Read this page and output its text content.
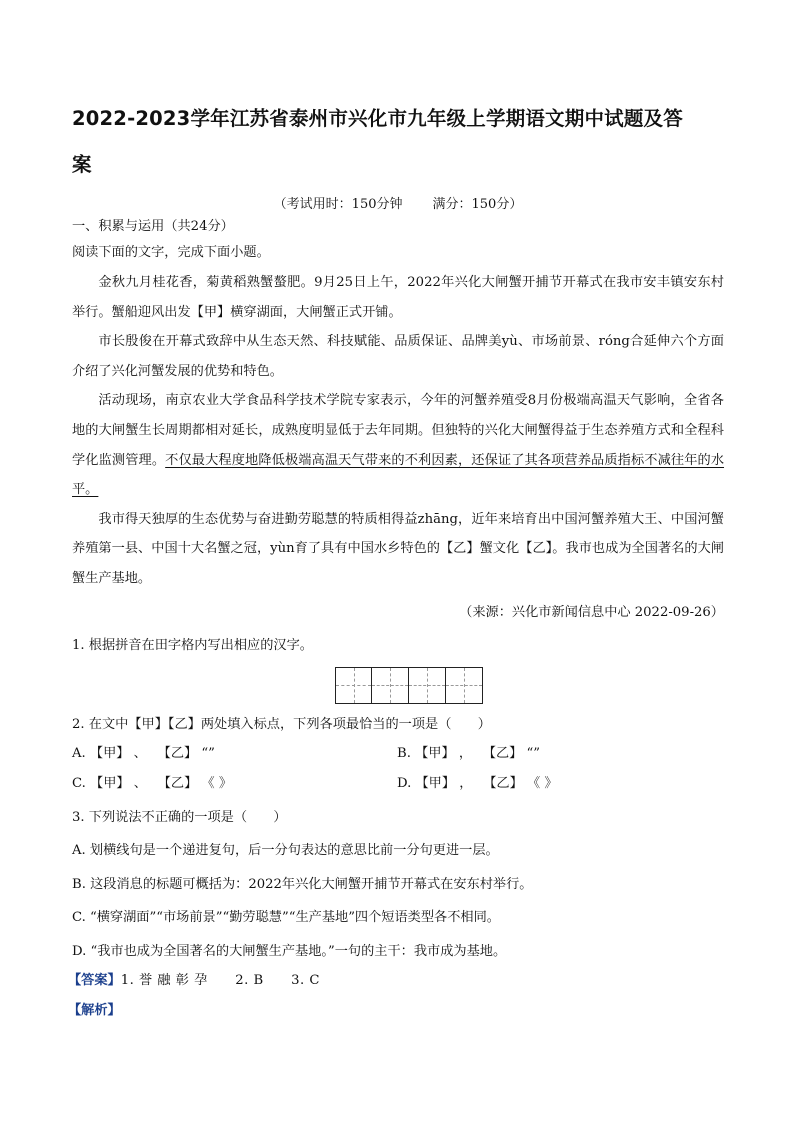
2022-2023学年江苏省泰州市兴化市九年级上学期语文期中试题及答
案
（考试用时：150分钟 满分：150分）
一、积累与运用（共24分）
阅读下面的文字，完成下面小题。

金秋九月桂花香，菊黄稻熟蟹螯肥。9月25日上午，2022年兴化大闸蟹开捕节开幕式在我市安丰镇安东村举行。蟹船迎风出发【甲】横穿湖面，大闸蟹正式开铺。

市长殷俊在开幕式致辞中从生态天然、科技赋能、品质保证、品牌美yù、市场前景、róng合延伸六个方面介绍了兴化河蟹发展的优势和特色。

活动现场，南京农业大学食品科学技术学院专家表示，今年的河蟹养殖受8月份极端高温天气影响，全省各地的大闸蟹生长周期都相对延长，成熟度明显低于去年同期。但独特的兴化大闸蟹得益于生态养殖方式和全程科学化监测管理。不仅最大程度地降低极端高温天气带来的不利因素，还保证了其各项营养品质指标不减往年的水平。

我市得天独厚的生态优势与奋进勤劳聪慧的特质相得益zhāng，近年来培育出中国河蟹养殖大王、中国河蟹养殖第一县、中国十大名蟹之冠，yùn育了具有中国水乡特色的【乙】蟹文化【乙】。我市也成为全国著名的大闸蟹生产基地。

（来源：兴化市新闻信息中心 2022-09-26）
1. 根据拼音在田字格内写出相应的汉字。
2. 在文中【甲】【乙】两处填入标点，下列各项最恰当的一项是（　　）
A. 【甲】 、　 【乙】 “”	B. 【甲】 ，　 【乙】 “”
C. 【甲】 、　 【乙】 《 》	D. 【甲】 ，　 【乙】 《 》
3. 下列说法不正确的一项是（　　）
A. 划横线句是一个递进复句，后一分句表达的意思比前一分句更进一层。
B. 这段消息的标题可概括为：2022年兴化大闸蟹开捕节开幕式在安东村举行。
C. “横穿湖面”“市场前景”“勤劳聪慧”“生产基地”四个短语类型各不相同。
D. “我市也成为全国著名的大闸蟹生产基地。”一句的主干：我市成为基地。
【答案】1. 誉 融 彰 孕　　2. B　　3. C
【解析】
